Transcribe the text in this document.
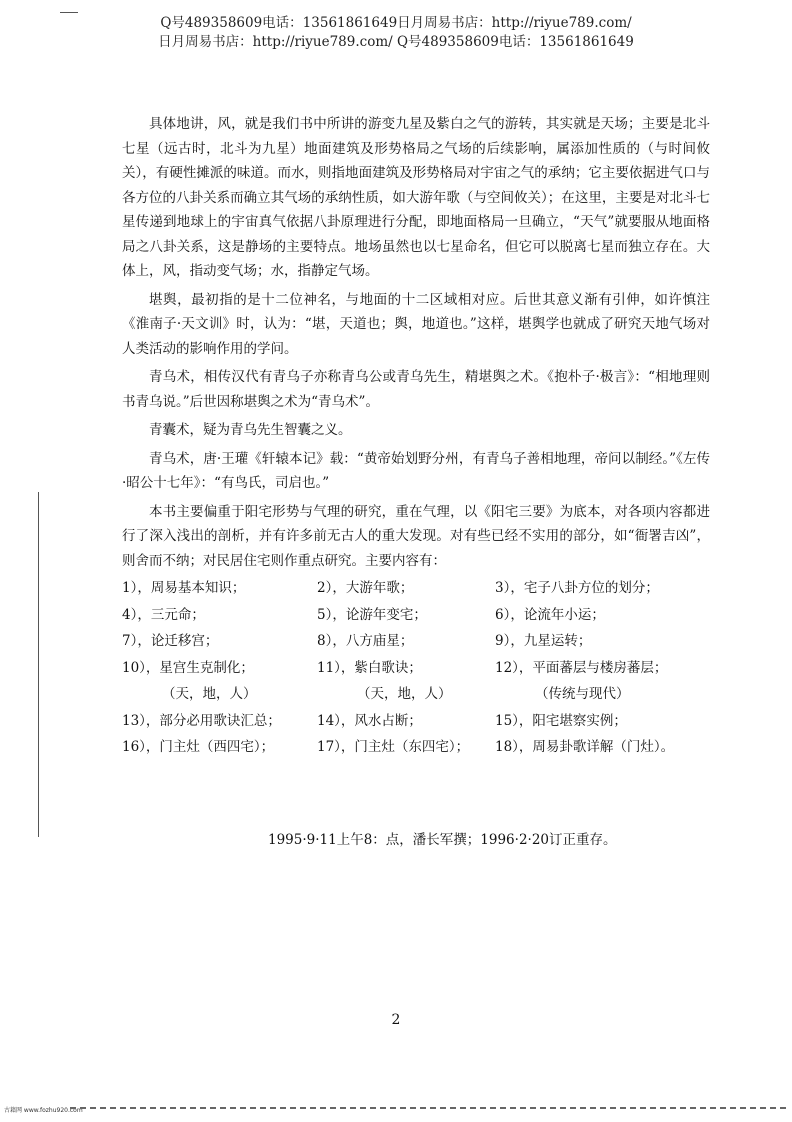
Q号489358609电话：13561861649日月周易书店：http://riyue789.com/
日月周易书店：http://riyue789.com/ Q号489358609电话：13561861649

具体地讲，风，就是我们书中所讲的游变九星及紫白之气的游转，其实就是天场；主要是北斗七星（远古时，北斗为九星）地面建筑及形势格局之气场的后续影响，属添加性质的（与时间攸关），有硬性摊派的味道。而水，则指地面建筑及形势格局对宇宙之气的承纳；它主要依据进气口与各方位的八卦关系而确立其气场的承纳性质，如大游年歌（与空间攸关）；在这里，主要是对北斗七星传递到地球上的宇宙真气依据八卦原理进行分配，即地面格局一旦确立，“天气”就要服从地面格局之八卦关系，这是静场的主要特点。地场虽然也以七星命名，但它可以脱离七星而独立存在。大体上，风，指动变气场；水，指静定气场。

堪舆，最初指的是十二位神名，与地面的十二区域相对应。后世其意义渐有引伸，如许慎注《淮南子·天文训》时，认为：“堪，天道也；舆，地道也。”这样，堪舆学也就成了研究天地气场对人类活动的影响作用的学问。

青乌术，相传汉代有青乌子亦称青乌公或青乌先生，精堪舆之术。《抱朴子·极言》：“相地理则书青乌说。”后世因称堪舆之术为“青乌术”。

青囊术，疑为青乌先生智囊之义。

青乌术，唐·王瓘《轩辕本记》载：“黄帝始划野分州，有青乌子善相地理，帝问以制经。”《左传·昭公十七年》：“有鸟氏，司启也。”

本书主要偏重于阳宅形势与气理的研究，重在气理，以《阳宅三要》为底本，对各项内容都进行了深入浅出的剖析，并有许多前无古人的重大发现。对有些已经不实用的部分，如“衙署吉凶”，则舍而不纳；对民居住宅则作重点研究。主要内容有：

1），周易基本知识；	2），大游年歌；	3），宅子八卦方位的划分；
4），三元命；	5），论游年变宅；	6），论流年小运；
7），论迁移宫；	8），八方庙星；	9），九星运转；
10），星宫生克制化；	11），紫白歌诀；	12），平面蕃层与楼房蕃层；
（天，地，人）	（天，地，人）	（传统与现代）
13），部分必用歌诀汇总；	14），风水占断；	15），阳宅堪察实例；
16），门主灶（西四宅）；	17），门主灶（东四宅）；	18），周易卦歌详解（门灶）。
1995·9·11上午8：点，潘长军撰；1996·2·20订正重存。
2
古籍网 www.fozhu920.com
